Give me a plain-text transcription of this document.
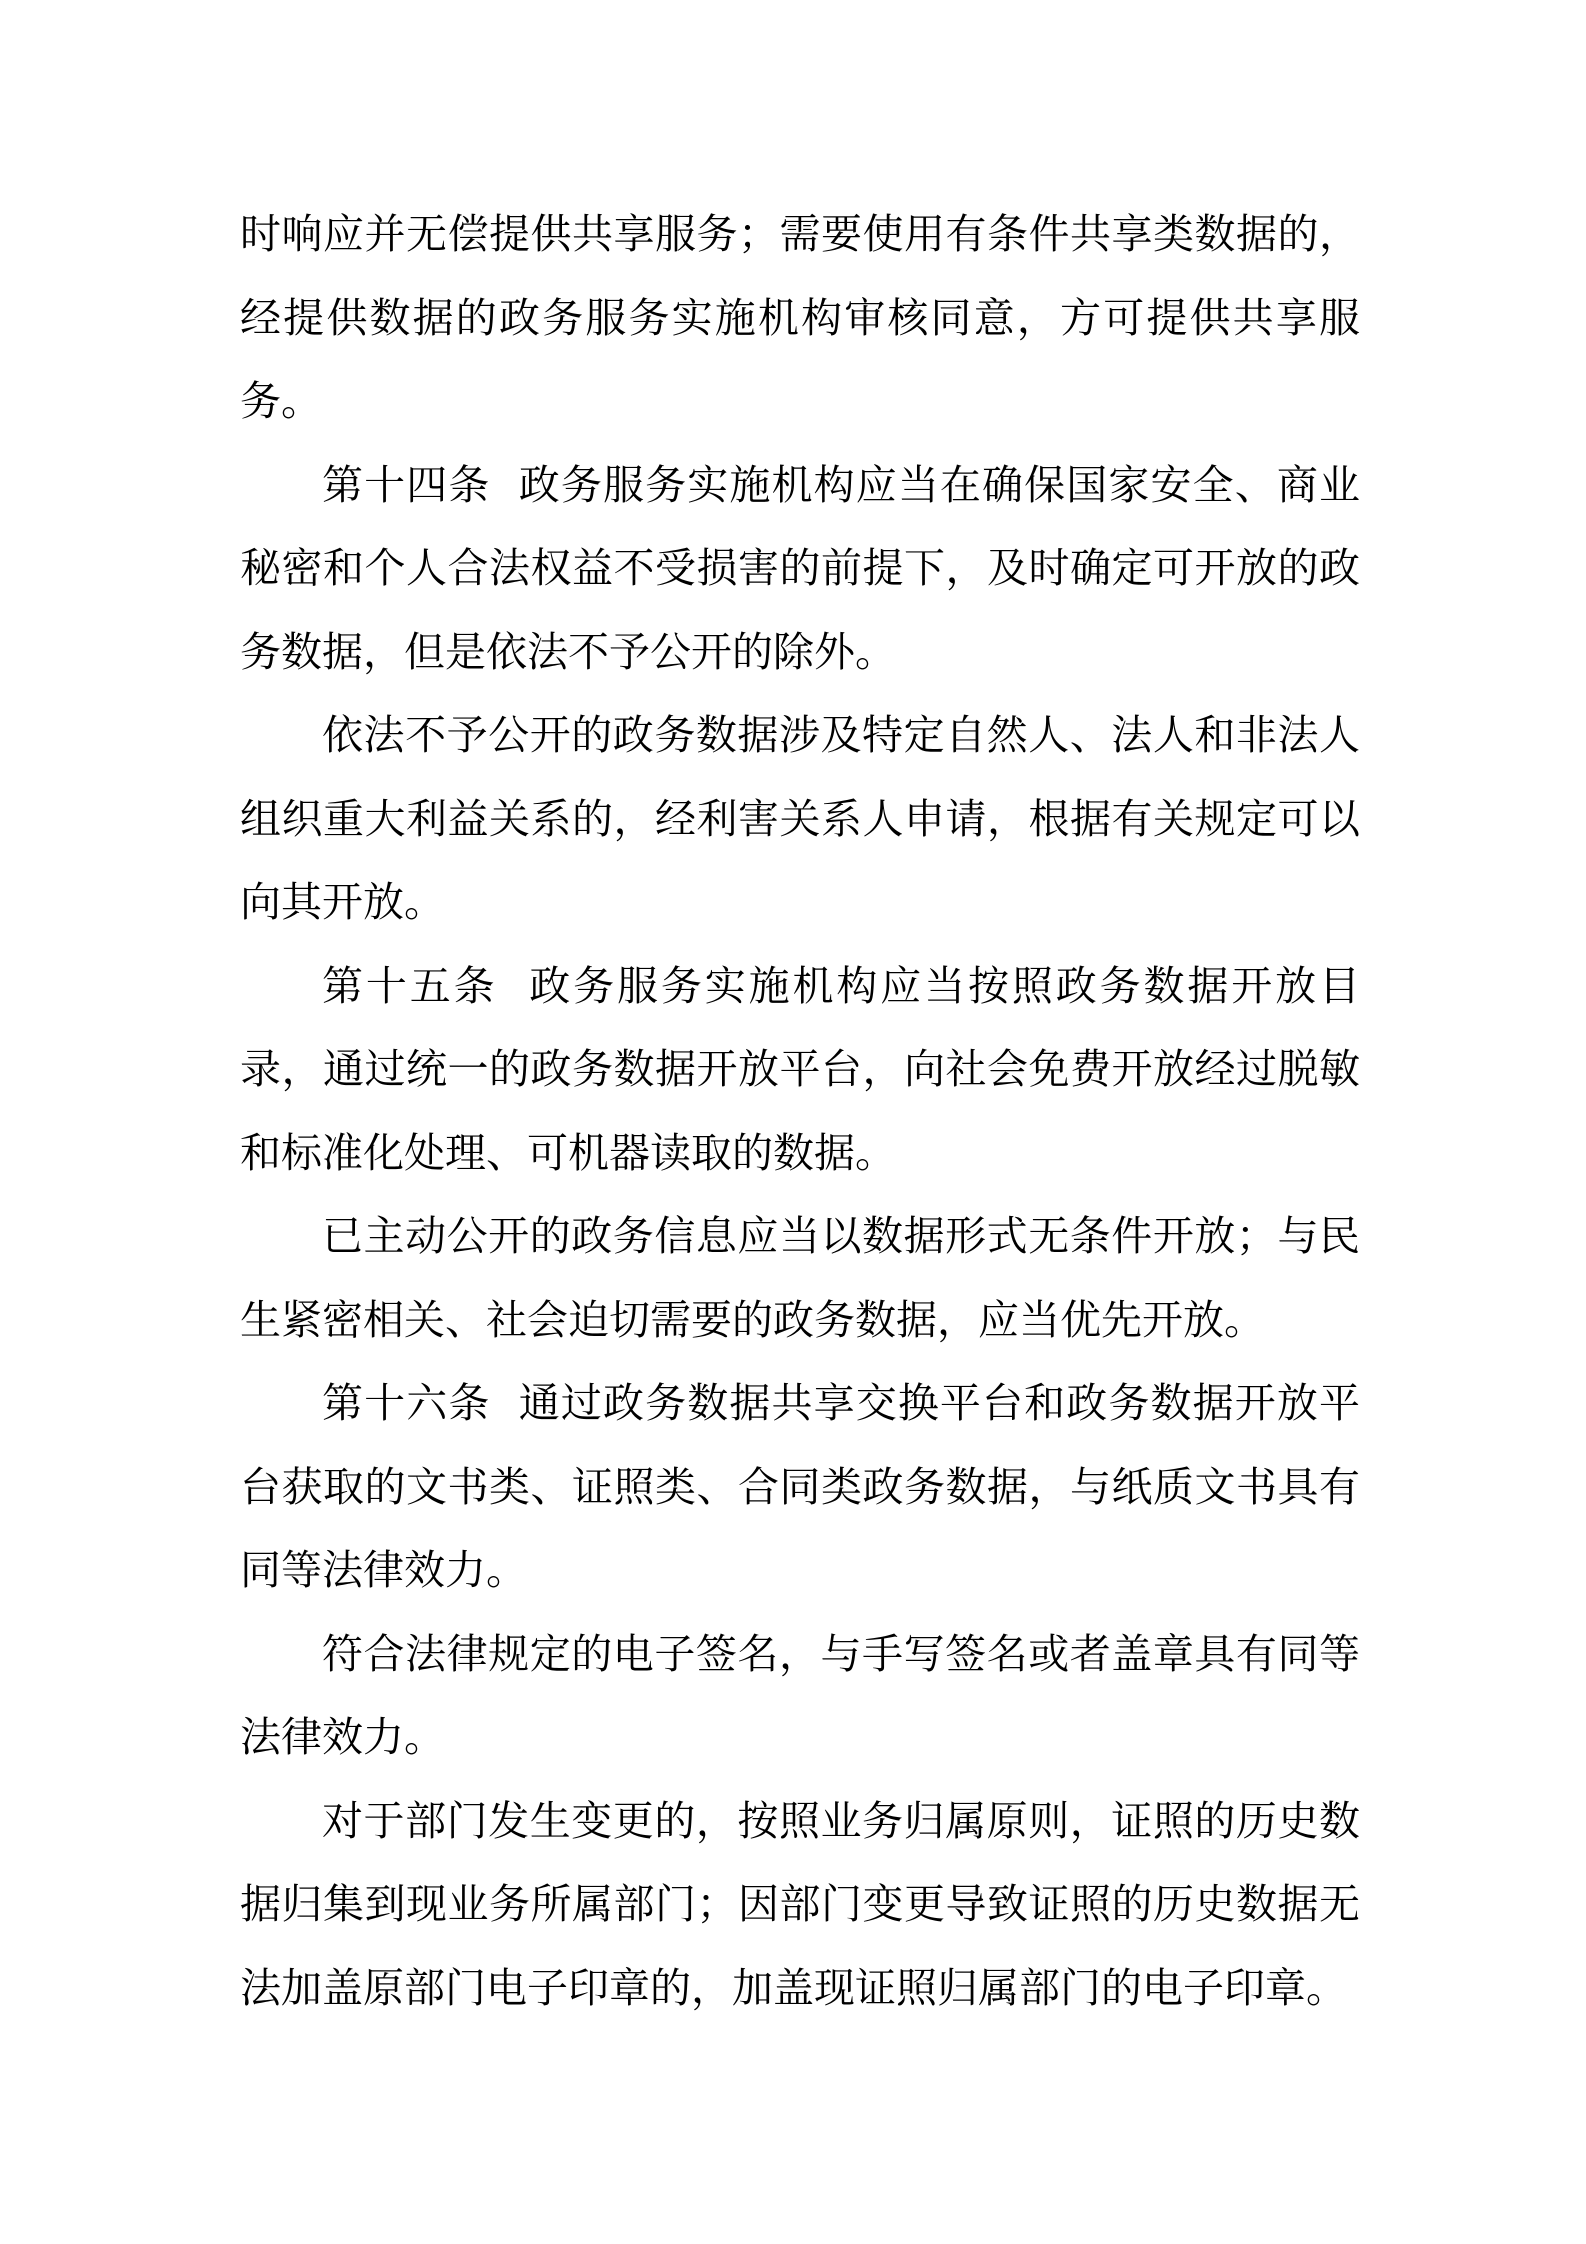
时响应并无偿提供共享服务；需要使用有条件共享类数据的，经提供数据的政务服务实施机构审核同意，方可提供共享服务。

第十四条  政务服务实施机构应当在确保国家安全、商业秘密和个人合法权益不受损害的前提下，及时确定可开放的政务数据，但是依法不予公开的除外。

依法不予公开的政务数据涉及特定自然人、法人和非法人组织重大利益关系的，经利害关系人申请，根据有关规定可以向其开放。

第十五条  政务服务实施机构应当按照政务数据开放目录，通过统一的政务数据开放平台，向社会免费开放经过脱敏和标准化处理、可机器读取的数据。

已主动公开的政务信息应当以数据形式无条件开放；与民生紧密相关、社会迫切需要的政务数据，应当优先开放。

第十六条  通过政务数据共享交换平台和政务数据开放平台获取的文书类、证照类、合同类政务数据，与纸质文书具有同等法律效力。

符合法律规定的电子签名，与手写签名或者盖章具有同等法律效力。

对于部门发生变更的，按照业务归属原则，证照的历史数据归集到现业务所属部门；因部门变更导致证照的历史数据无法加盖原部门电子印章的，加盖现证照归属部门的电子印章。
